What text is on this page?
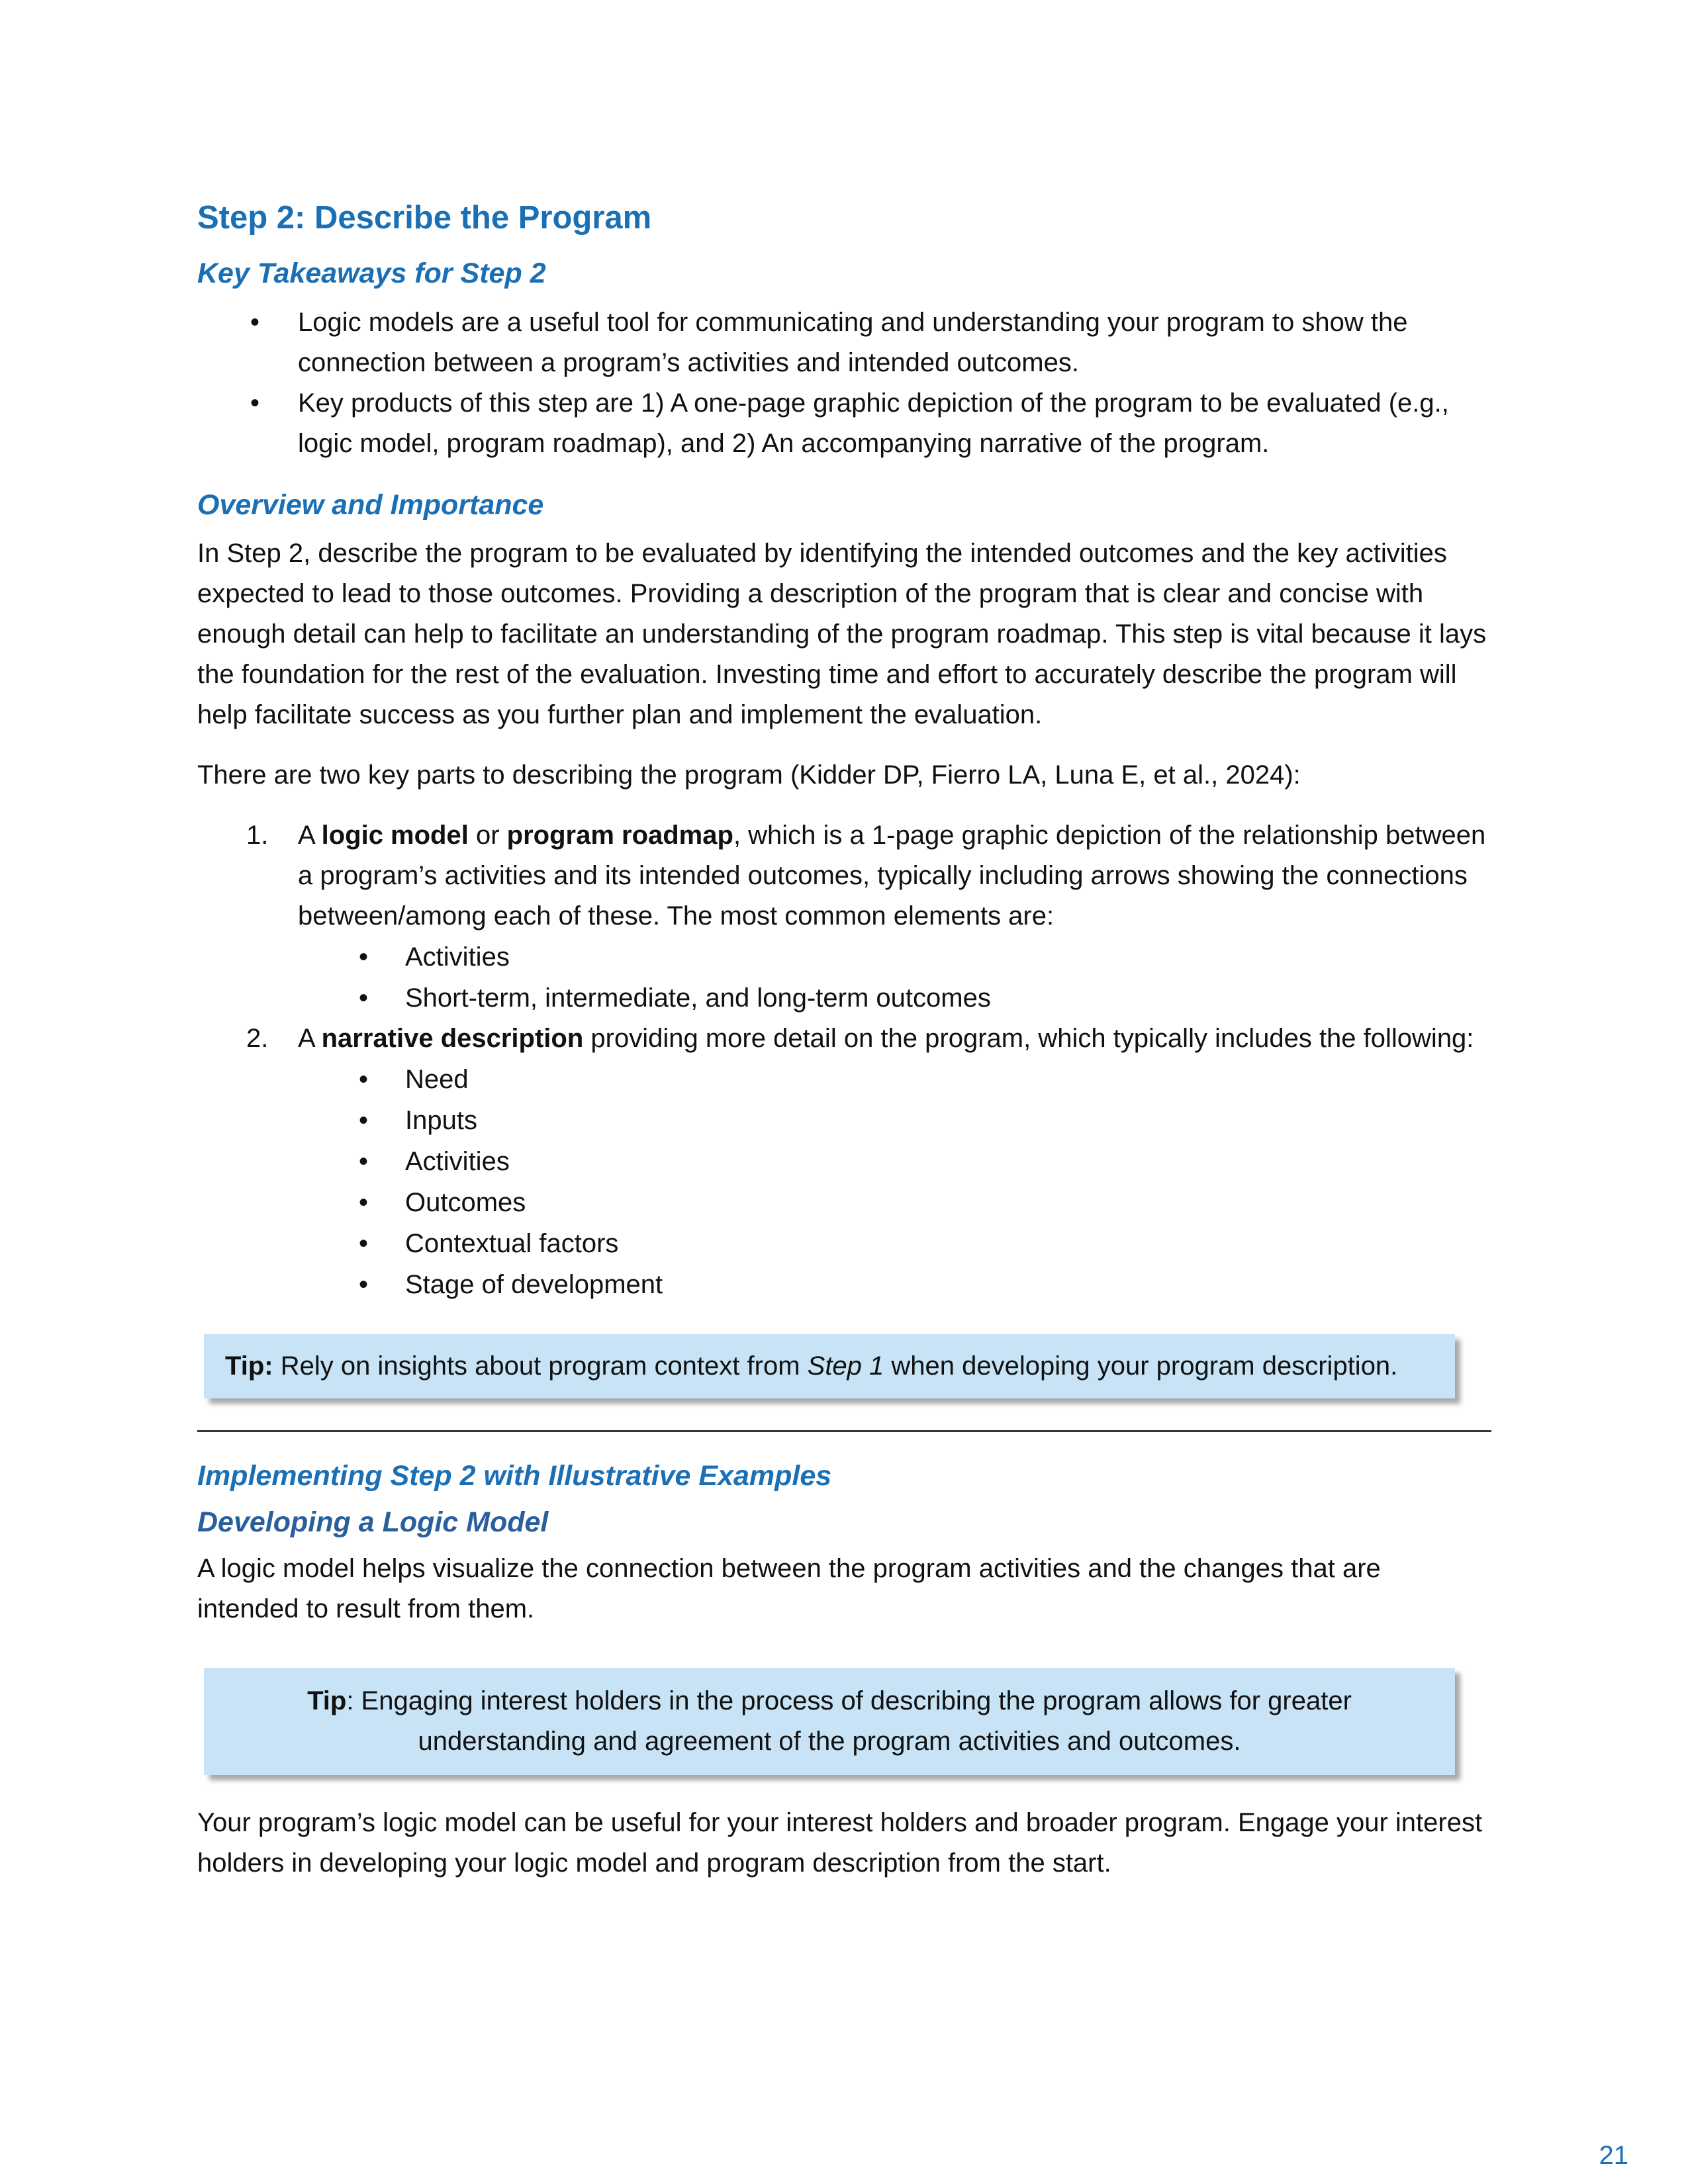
Step 2: Describe the Program
Key Takeaways for Step 2
• Logic models are a useful tool for communicating and understanding your program to show the connection between a program’s activities and intended outcomes.
• Key products of this step are 1) A one-page graphic depiction of the program to be evaluated (e.g., logic model, program roadmap), and 2) An accompanying narrative of the program.
Overview and Importance

In Step 2, describe the program to be evaluated by identifying the intended outcomes and the key activities expected to lead to those outcomes. Providing a description of the program that is clear and concise with enough detail can help to facilitate an understanding of the program roadmap. This step is vital because it lays the foundation for the rest of the evaluation. Investing time and effort to accurately describe the program will help facilitate success as you further plan and implement the evaluation.

There are two key parts to describing the program (Kidder DP, Fierro LA, Luna E, et al., 2024):

1. A logic model or program roadmap, which is a 1-page graphic depiction of the relationship between a program’s activities and its intended outcomes, typically including arrows showing the connections between/among each of these. The most common elements are:
• Activities
• Short-term, intermediate, and long-term outcomes
2. A narrative description providing more detail on the program, which typically includes the following:
• Need
• Inputs
• Activities
• Outcomes
• Contextual factors
• Stage of development
Tip: Rely on insights about program context from Step 1 when developing your program description.
Implementing Step 2 with Illustrative Examples
Developing a Logic Model

A logic model helps visualize the connection between the program activities and the changes that are intended to result from them.

Tip: Engaging interest holders in the process of describing the program allows for greater understanding and agreement of the program activities and outcomes.

Your program’s logic model can be useful for your interest holders and broader program. Engage your interest holders in developing your logic model and program description from the start.

21
